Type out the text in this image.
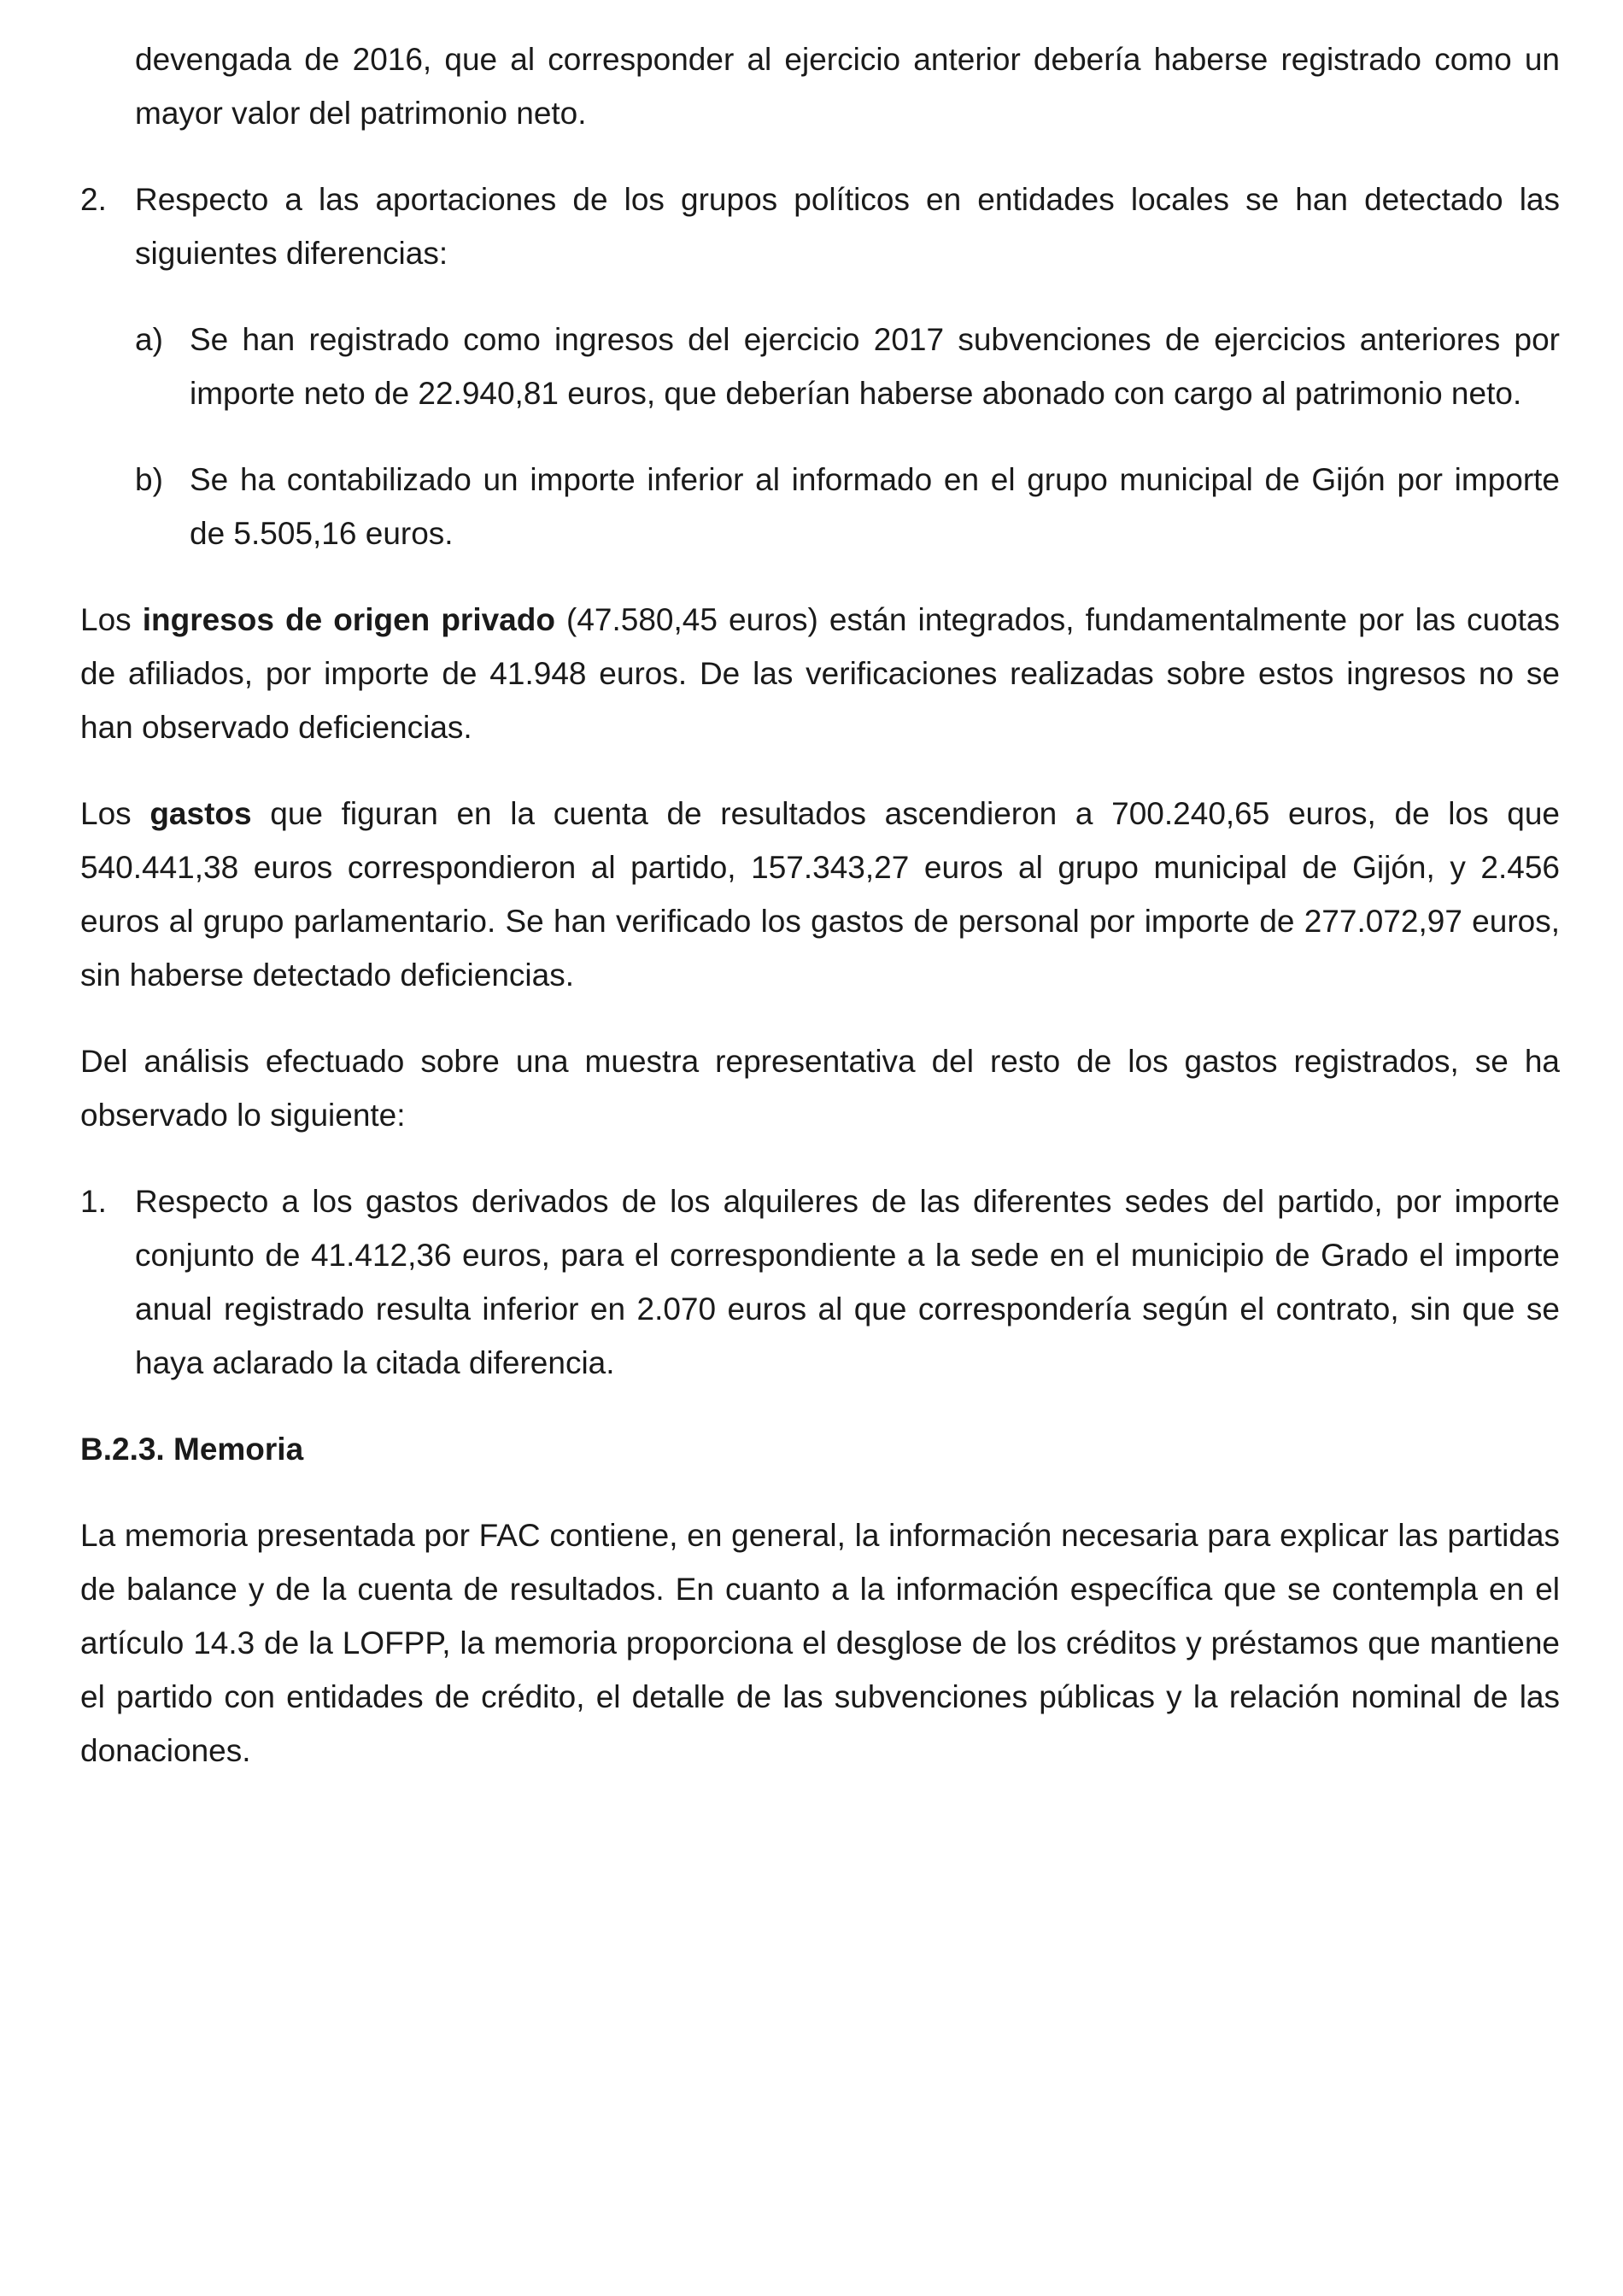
devengada de 2016, que al corresponder al ejercicio anterior debería haberse registrado como un mayor valor del patrimonio neto.

2. Respecto a las aportaciones de los grupos políticos en entidades locales se han detectado las siguientes diferencias:
a) Se han registrado como ingresos del ejercicio 2017 subvenciones de ejercicios anteriores por importe neto de 22.940,81 euros, que deberían haberse abonado con cargo al patrimonio neto.
b) Se ha contabilizado un importe inferior al informado en el grupo municipal de Gijón por importe de 5.505,16 euros.

Los ingresos de origen privado (47.580,45 euros) están integrados, fundamentalmente por las cuotas de afiliados, por importe de 41.948 euros. De las verificaciones realizadas sobre estos ingresos no se han observado deficiencias.

Los gastos que figuran en la cuenta de resultados ascendieron a 700.240,65 euros, de los que 540.441,38 euros correspondieron al partido, 157.343,27 euros al grupo municipal de Gijón, y 2.456 euros al grupo parlamentario. Se han verificado los gastos de personal por importe de 277.072,97 euros, sin haberse detectado deficiencias.

Del análisis efectuado sobre una muestra representativa del resto de los gastos registrados, se ha observado lo siguiente:

1. Respecto a los gastos derivados de los alquileres de las diferentes sedes del partido, por importe conjunto de 41.412,36 euros, para el correspondiente a la sede en el municipio de Grado el importe anual registrado resulta inferior en 2.070 euros al que correspondería según el contrato, sin que se haya aclarado la citada diferencia.

B.2.3. Memoria

La memoria presentada por FAC contiene, en general, la información necesaria para explicar las partidas de balance y de la cuenta de resultados. En cuanto a la información específica que se contempla en el artículo 14.3 de la LOFPP, la memoria proporciona el desglose de los créditos y préstamos que mantiene el partido con entidades de crédito, el detalle de las subvenciones públicas y la relación nominal de las donaciones.
